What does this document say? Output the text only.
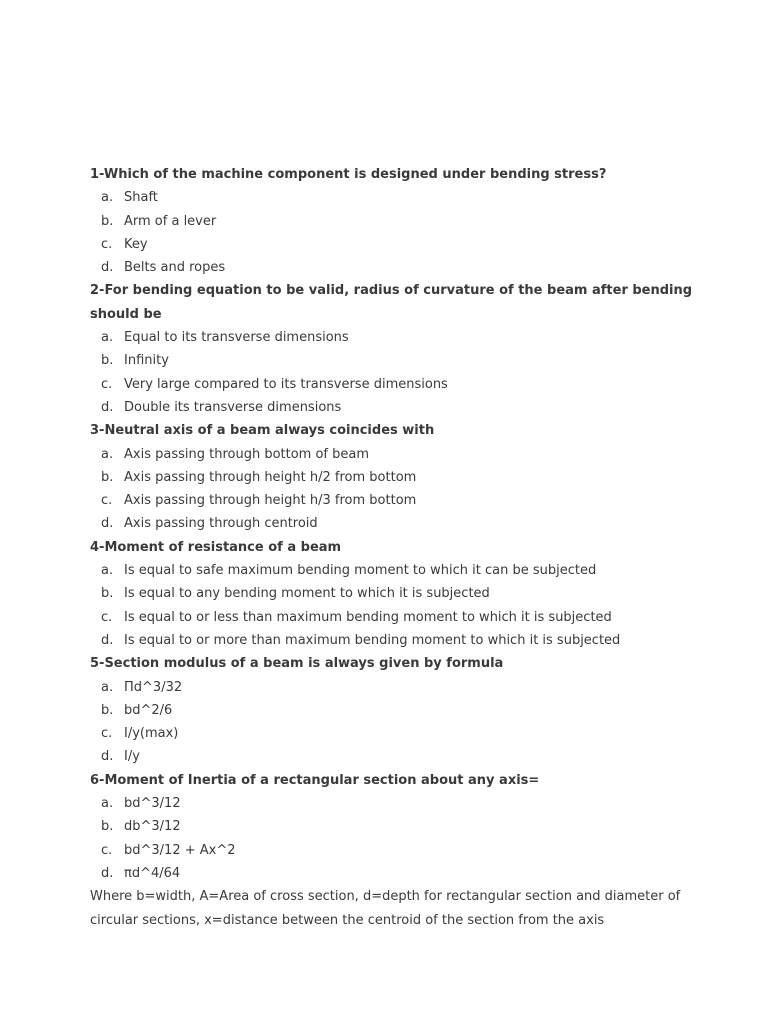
1-Which of the machine component is designed under bending stress?

a. Shaft
b. Arm of a lever
c. Key
d. Belts and ropes

2-For bending equation to be valid, radius of curvature of the beam after bending should be

a. Equal to its transverse dimensions
b. Infinity
c. Very large compared to its transverse dimensions
d. Double its transverse dimensions

3-Neutral axis of a beam always coincides with

a. Axis passing through bottom of beam
b. Axis passing through height h/2 from bottom
c. Axis passing through height h/3 from bottom
d. Axis passing through centroid

4-Moment of resistance of a beam

a. Is equal to safe maximum bending moment to which it can be subjected
b. Is equal to any bending moment to which it is subjected
c. Is equal to or less than maximum bending moment to which it is subjected
d. Is equal to or more than maximum bending moment to which it is subjected

5-Section modulus of a beam is always given by formula

a. Πd^3/32
b. bd^2/6
c. I/y(max)
d. I/y

6-Moment of Inertia of a rectangular section about any axis=

a. bd^3/12
b. db^3/12
c. bd^3/12 + Ax^2
d. πd^4/64

Where b=width, A=Area of cross section, d=depth for rectangular section and diameter of circular sections, x=distance between the centroid of the section from the axis
